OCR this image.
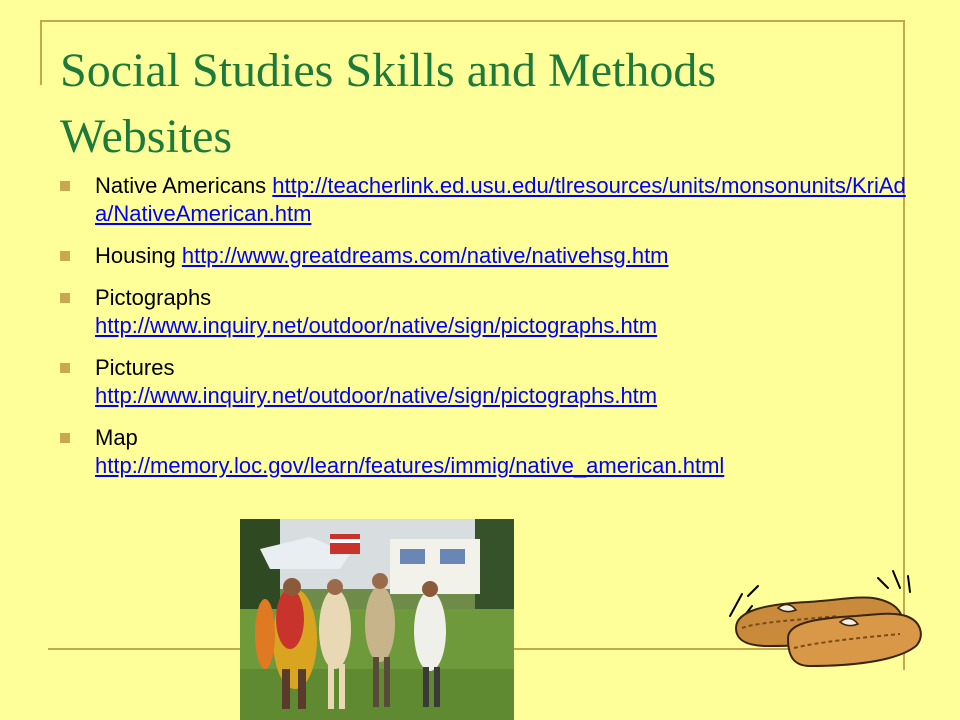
Social Studies Skills and Methods
Websites
Native Americans http://teacherlink.ed.usu.edu/tlresources/units/monsonunits/KriAda/NativeAmerican.htm
Housing http://www.greatdreams.com/native/nativehsg.htm
Pictographs
http://www.inquiry.net/outdoor/native/sign/pictographs.htm
Pictures
http://www.inquiry.net/outdoor/native/sign/pictographs.htm
Map
http://memory.loc.gov/learn/features/immig/native_american.html
